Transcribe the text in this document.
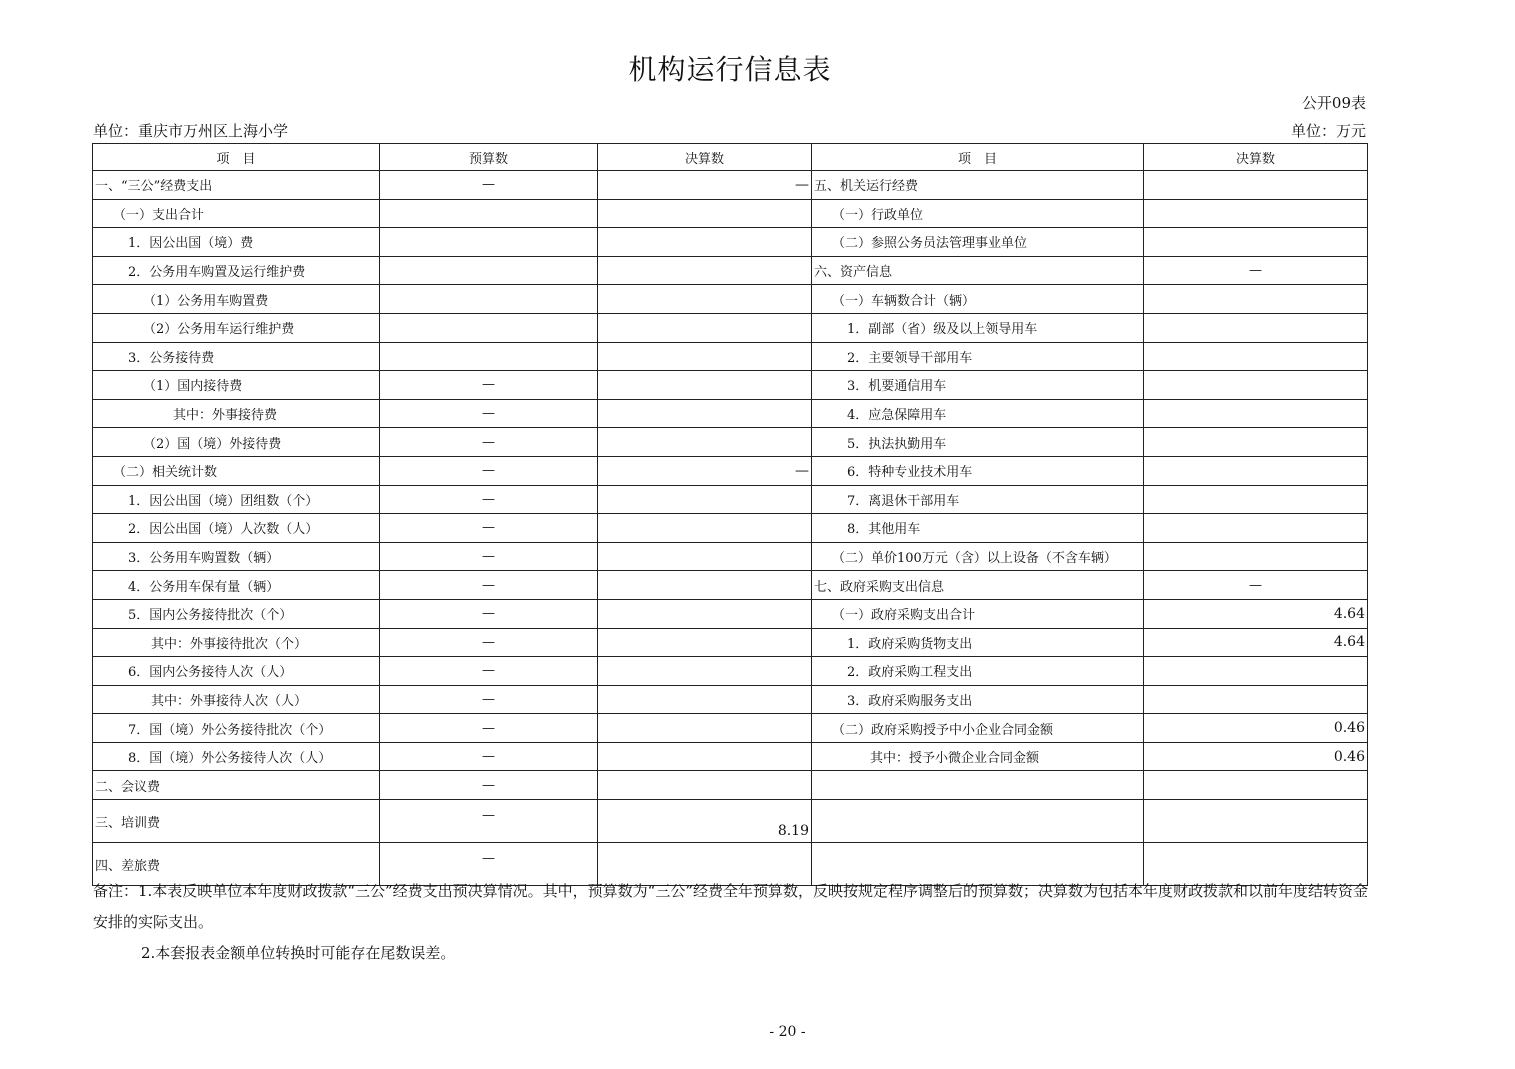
机构运行信息表
公开09表
单位：重庆市万州区上海小学	单位：万元
项　目	预算数	决算数	项　目	决算数
一、“三公”经费支出	—	—	五、机关运行经费	
（一）支出合计			（一）行政单位	
1．因公出国（境）费			（二）参照公务员法管理事业单位	
2．公务用车购置及运行维护费			六、资产信息	—
（1）公务用车购置费			（一）车辆数合计（辆）	
（2）公务用车运行维护费			1．副部（省）级及以上领导用车	
3．公务接待费			2．主要领导干部用车	
（1）国内接待费	—		3．机要通信用车	
其中：外事接待费	—		4．应急保障用车	
（2）国（境）外接待费	—		5．执法执勤用车	
（二）相关统计数	—	—	6．特种专业技术用车	
1．因公出国（境）团组数（个）	—		7．离退休干部用车	
2．因公出国（境）人次数（人）	—		8．其他用车	
3．公务用车购置数（辆）	—		（二）单价100万元（含）以上设备（不含车辆）	
4．公务用车保有量（辆）	—		七、政府采购支出信息	—
5．国内公务接待批次（个）	—		（一）政府采购支出合计	4.64
其中：外事接待批次（个）	—		1．政府采购货物支出	4.64
6．国内公务接待人次（人）	—		2．政府采购工程支出	
其中：外事接待人次（人）	—		3．政府采购服务支出	
7．国（境）外公务接待批次（个）	—		（二）政府采购授予中小企业合同金额	0.46
8．国（境）外公务接待人次（人）	—		其中：授予小微企业合同金额	0.46
二、会议费	—			
三、培训费	—	8.19		
四、差旅费	—			

备注：1.本表反映单位本年度财政拨款“三公”经费支出预决算情况。其中，预算数为“三公”经费全年预算数，反映按规定程序调整后的预算数；决算数为包括本年度财政拨款和以前年度结转资金

安排的实际支出。

2.本套报表金额单位转换时可能存在尾数误差。

- 20 -
